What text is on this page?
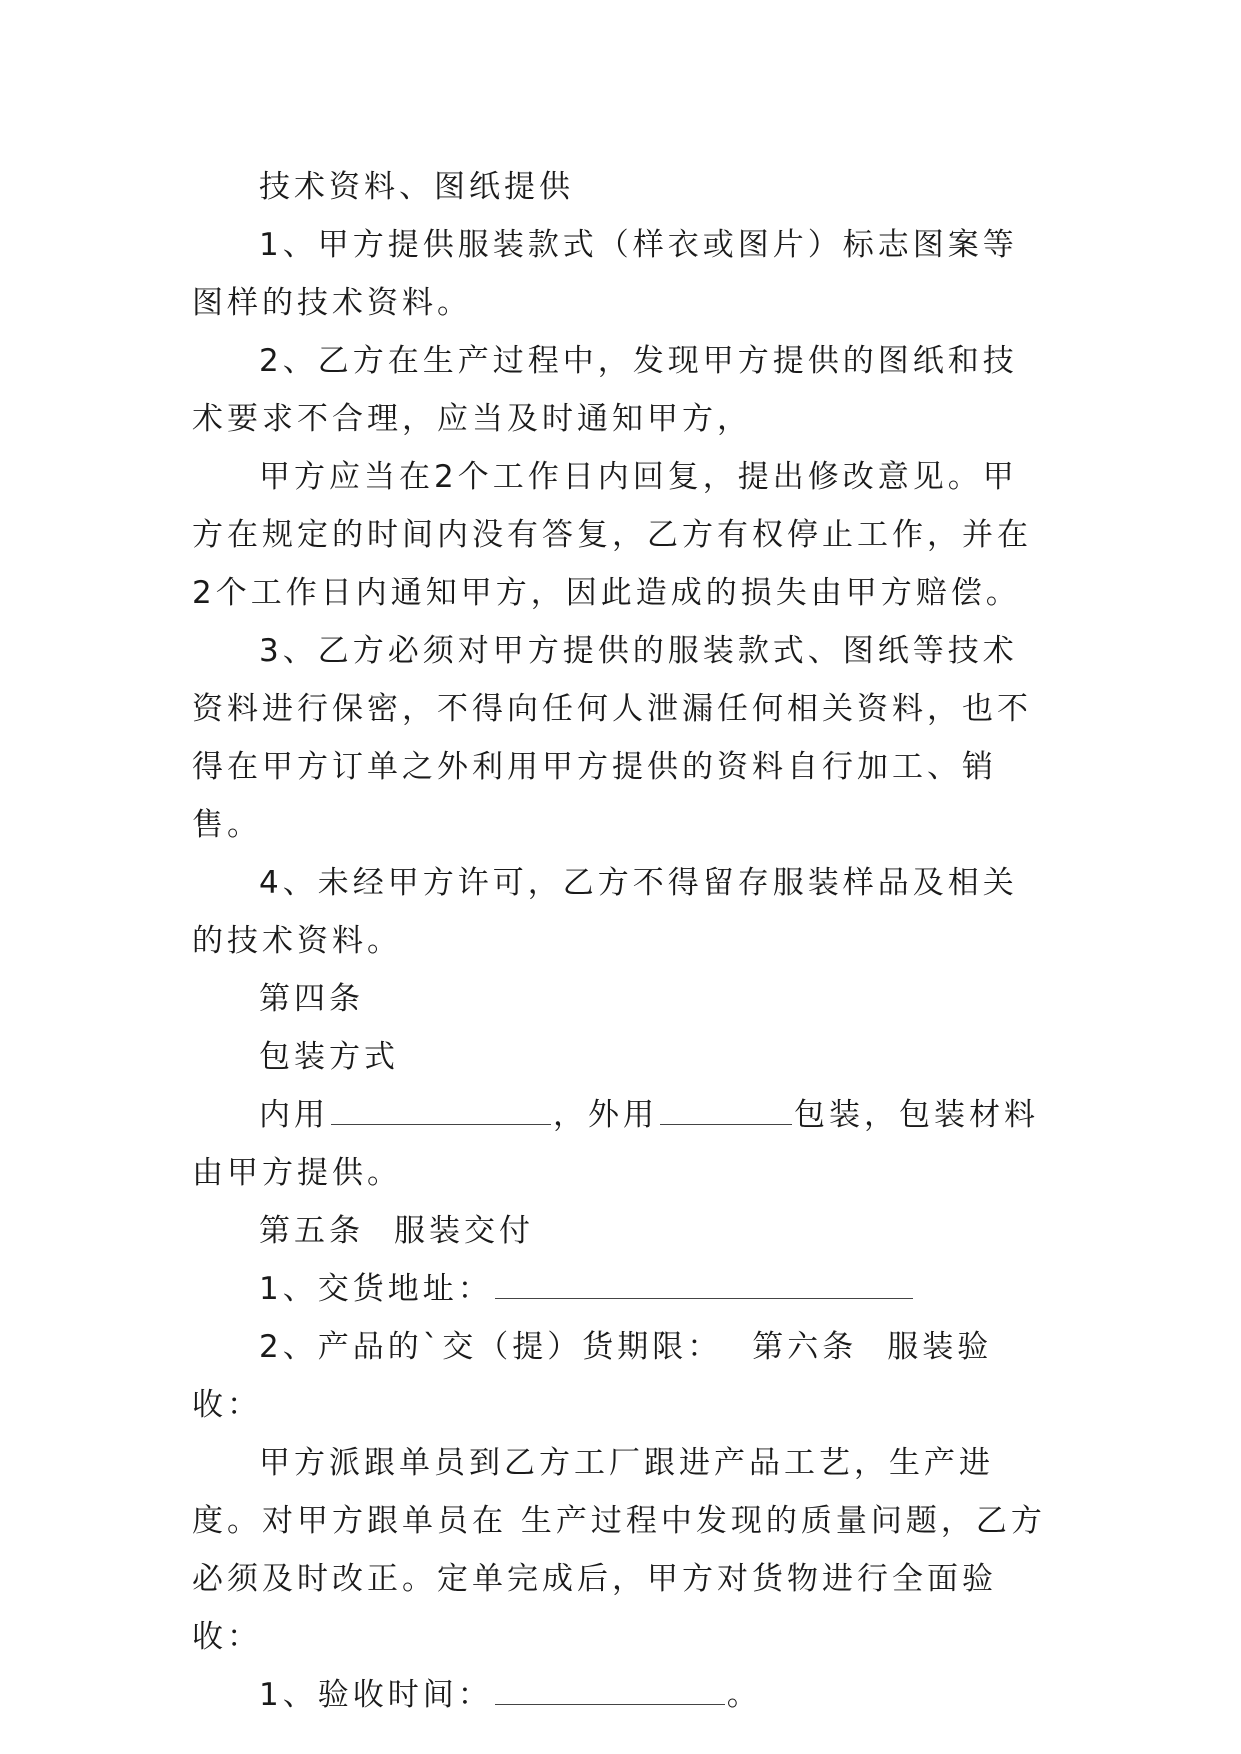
技术资料、图纸提供

1、甲方提供服装款式（样衣或图片）标志图案等图样的技术资料。

2、乙方在生产过程中，发现甲方提供的图纸和技术要求不合理，应当及时通知甲方，

甲方应当在2个工作日内回复，提出修改意见。甲方在规定的时间内没有答复，乙方有权停止工作，并在2个工作日内通知甲方，因此造成的损失由甲方赔偿。

3、乙方必须对甲方提供的服装款式、图纸等技术资料进行保密，不得向任何人泄漏任何相关资料，也不得在甲方订单之外利用甲方提供的资料自行加工、销售。

4、未经甲方许可，乙方不得留存服装样品及相关的技术资料。

第四条

包装方式

内用	，外用	包装，包装材料由甲方提供。

第五条 服装交付

1、交货地址：

2、产品的`交（提）货期限： 第六条 服装验收：

甲方派跟单员到乙方工厂跟进产品工艺，生产进度。对甲方跟单员在 生产过程中发现的质量问题，乙方必须及时改正。定单完成后，甲方对货物进行全面验收：

1、验收时间：	。
